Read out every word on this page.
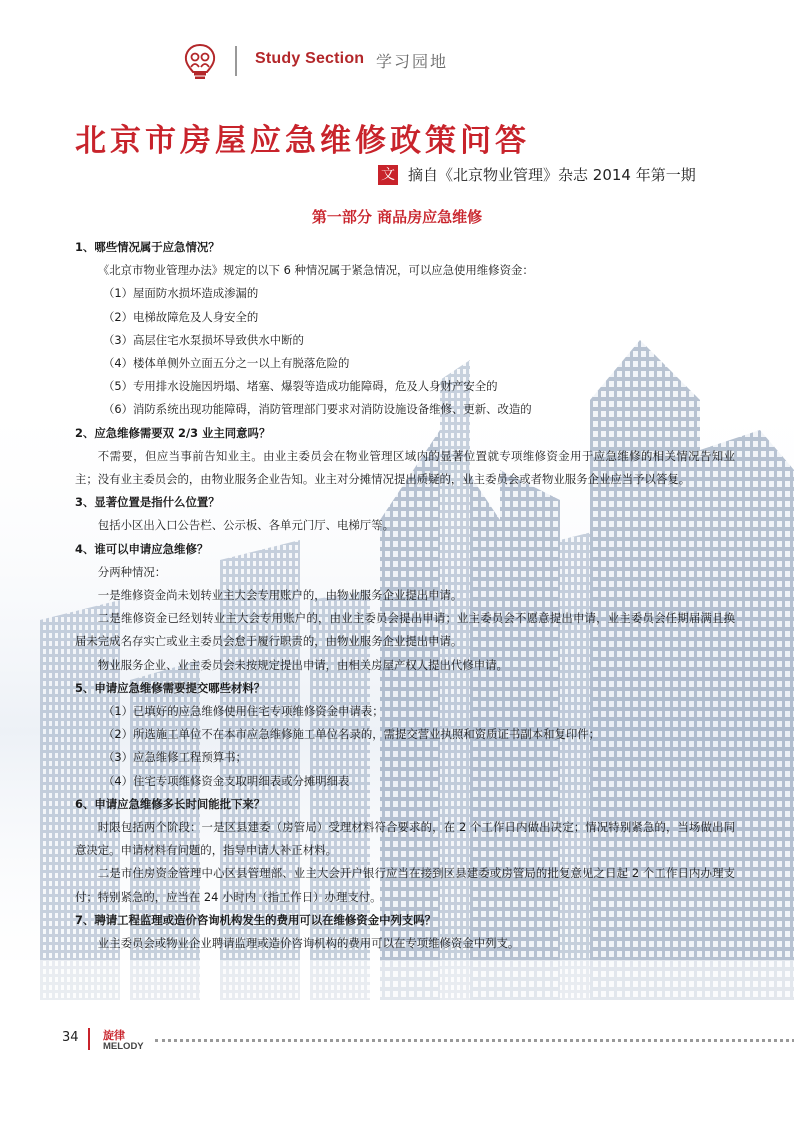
Study Section 学习园地
北京市房屋应急维修政策问答
文 摘自《北京物业管理》杂志 2014 年第一期
第一部分 商品房应急维修

1、哪些情况属于应急情况？

《北京市物业管理办法》规定的以下 6 种情况属于紧急情况，可以应急使用维修资金：

（1）屋面防水损坏造成渗漏的

（2）电梯故障危及人身安全的

（3）高层住宅水泵损坏导致供水中断的

（4）楼体单侧外立面五分之一以上有脱落危险的

（5）专用排水设施因坍塌、堵塞、爆裂等造成功能障碍，危及人身财产安全的

（6）消防系统出现功能障碍，消防管理部门要求对消防设施设备维修、更新、改造的

2、应急维修需要双 2/3 业主同意吗？

不需要，但应当事前告知业主。由业主委员会在物业管理区域内的显著位置就专项维修资金用于应急维修的相关情况告知业主；没有业主委员会的，由物业服务企业告知。业主对分摊情况提出质疑的，业主委员会或者物业服务企业应当予以答复。

3、显著位置是指什么位置？

包括小区出入口公告栏、公示板、各单元门厅、电梯厅等。

4、谁可以申请应急维修？

分两种情况：

一是维修资金尚未划转业主大会专用账户的，由物业服务企业提出申请。

二是维修资金已经划转业主大会专用账户的，由业主委员会提出申请；业主委员会不愿意提出申请，业主委员会任期届满且换届未完成名存实亡或业主委员会怠于履行职责的，由物业服务企业提出申请。

物业服务企业、业主委员会未按规定提出申请，由相关房屋产权人提出代修申请。

5、申请应急维修需要提交哪些材料？

（1）已填好的应急维修使用住宅专项维修资金申请表；

（2）所选施工单位不在本市应急维修施工单位名录的，需提交营业执照和资质证书副本和复印件；

（3）应急维修工程预算书；

（4）住宅专项维修资金支取明细表或分摊明细表

6、申请应急维修多长时间能批下来？

时限包括两个阶段：一是区县建委（房管局）受理材料符合要求的，在 2 个工作日内做出决定；情况特别紧急的，当场做出同意决定。申请材料有问题的，指导申请人补正材料。

二是市住房资金管理中心区县管理部、业主大会开户银行应当在接到区县建委或房管局的批复意见之日起 2 个工作日内办理支付；特别紧急的，应当在 24 小时内（指工作日）办理支付。

7、聘请工程监理或造价咨询机构发生的费用可以在维修资金中列支吗？

业主委员会或物业企业聘请监理或造价咨询机构的费用可以在专项维修资金中列支。

34 旋律
MELODY
